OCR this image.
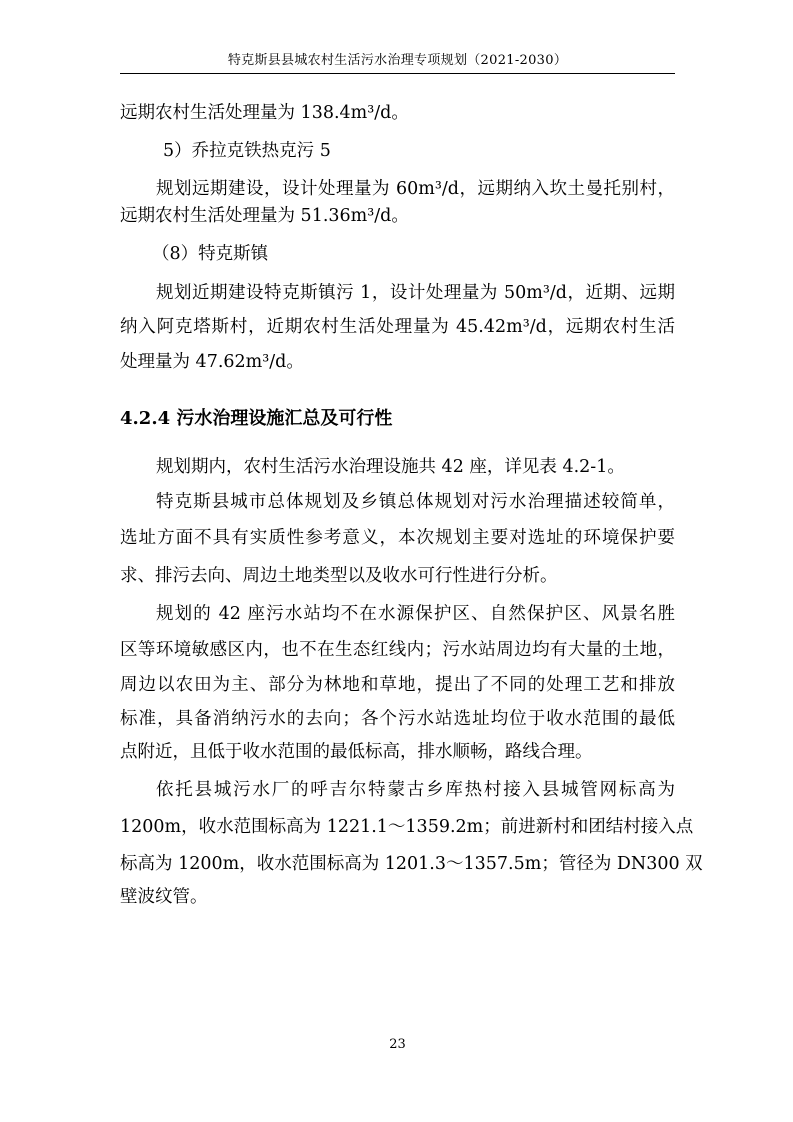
特克斯县县城农村生活污水治理专项规划（2021-2030）
远期农村生活处理量为 138.4m³/d。
5）乔拉克铁热克污 5
规划远期建设，设计处理量为 60m³/d，远期纳入坎土曼托别村，
远期农村生活处理量为 51.36m³/d。
（8）特克斯镇
规划近期建设特克斯镇污 1，设计处理量为 50m³/d，近期、远期
纳入阿克塔斯村，近期农村生活处理量为 45.42m³/d，远期农村生活
处理量为 47.62m³/d。
4.2.4 污水治理设施汇总及可行性
规划期内，农村生活污水治理设施共 42 座，详见表 4.2-1。
特克斯县城市总体规划及乡镇总体规划对污水治理描述较简单，
选址方面不具有实质性参考意义，本次规划主要对选址的环境保护要
求、排污去向、周边土地类型以及收水可行性进行分析。
规划的 42 座污水站均不在水源保护区、自然保护区、风景名胜
区等环境敏感区内，也不在生态红线内；污水站周边均有大量的土地，
周边以农田为主、部分为林地和草地，提出了不同的处理工艺和排放
标准，具备消纳污水的去向；各个污水站选址均位于收水范围的最低
点附近，且低于收水范围的最低标高，排水顺畅，路线合理。
依托县城污水厂的呼吉尔特蒙古乡库热村接入县城管网标高为
1200m，收水范围标高为 1221.1～1359.2m；前进新村和团结村接入点
标高为 1200m，收水范围标高为 1201.3～1357.5m；管径为 DN300 双
壁波纹管。
23
